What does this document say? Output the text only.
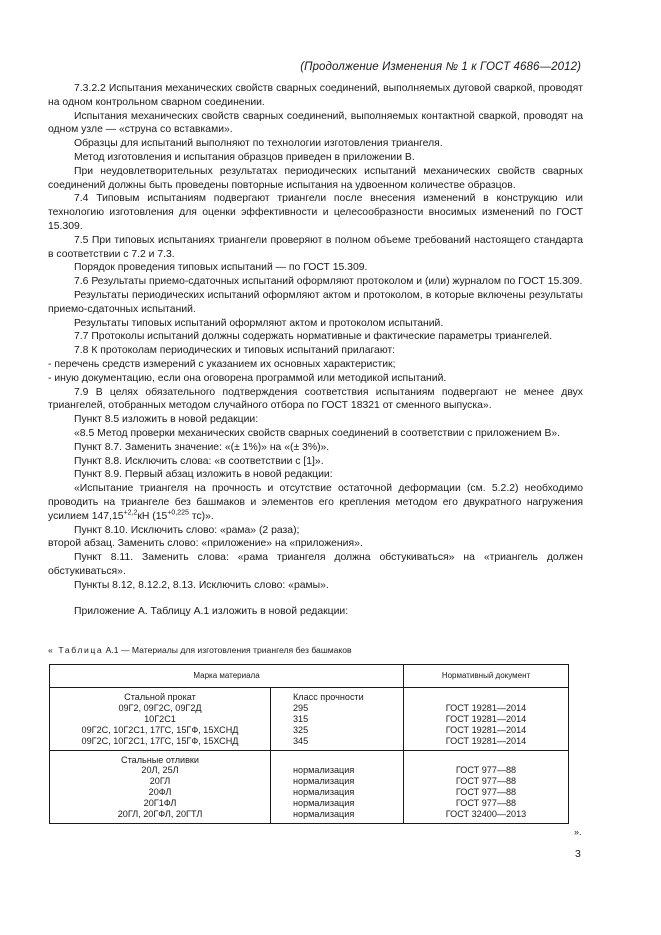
(Продолжение Изменения № 1 к ГОСТ 4686—2012)

7.3.2.2 Испытания механических свойств сварных соединений, выполняемых дуговой сваркой, проводят на одном контрольном сварном соединении.

Испытания механических свойств сварных соединений, выполняемых контактной сваркой, проводят на одном узле — «струна со вставками».

Образцы для испытаний выполняют по технологии изготовления триангеля.

Метод изготовления и испытания образцов приведен в приложении В.

При неудовлетворительных результатах периодических испытаний механических свойств сварных соединений должны быть проведены повторные испытания на удвоенном количестве образцов.

7.4 Типовым испытаниям подвергают триангели после внесения изменений в конструкцию или технологию изготовления для оценки эффективности и целесообразности вносимых изменений по ГОСТ 15.309.

7.5 При типовых испытаниях триангели проверяют в полном объеме требований настоящего стандарта в соответствии с 7.2 и 7.3.

Порядок проведения типовых испытаний — по ГОСТ 15.309.

7.6 Результаты приемо-сдаточных испытаний оформляют протоколом и (или) журналом по ГОСТ 15.309.

Результаты периодических испытаний оформляют актом и протоколом, в которые включены результаты приемо-сдаточных испытаний.

Результаты типовых испытаний оформляют актом и протоколом испытаний.

7.7 Протоколы испытаний должны содержать нормативные и фактические параметры триангелей.

7.8 К протоколам периодических и типовых испытаний прилагают:

- перечень средств измерений с указанием их основных характеристик;

- иную документацию, если она оговорена программой или методикой испытаний.

7.9 В целях обязательного подтверждения соответствия испытаниям подвергают не менее двух триангелей, отобранных методом случайного отбора по ГОСТ 18321 от сменного выпуска».

Пункт 8.5 изложить в новой редакции:

«8.5 Метод проверки механических свойств сварных соединений в соответствии с приложением В».

Пункт 8.7. Заменить значение: «(± 1%)» на «(± 3%)».

Пункт 8.8. Исключить слова: «в соответствии с [1]».

Пункт 8.9. Первый абзац изложить в новой редакции:

«Испытание триангеля на прочность и отсутствие остаточной деформации (см. 5.2.2) необходимо проводить на триангеле без башмаков и элементов его крепления методом его двукратного нагружения усилием $147,15^{+2,2}кН$ ($15^{+0,225}$ тс)».

Пункт 8.10. Исключить слово: «рама» (2 раза);

второй абзац. Заменить слово: «приложение» на «приложения».

Пункт 8.11. Заменить слова: «рама триангеля должна обстукиваться» на «триангель должен обстукиваться».

Пункты 8.12, 8.12.2, 8.13. Исключить слово: «рамы».

Приложение А. Таблицу А.1 изложить в новой редакции:

« Таблица А.1 — Материалы для изготовления триангеля без башмаков
Марка материала		Нормативный документ
Стальной прокат	Класс прочности	
09Г2, 09Г2С, 09Г2Д	295	ГОСТ 19281—2014
10Г2С1	315	ГОСТ 19281—2014
09Г2С, 10Г2С1, 17ГС, 15ГФ, 15ХСНД	325	ГОСТ 19281—2014
09Г2С, 10Г2С1, 17ГС, 15ГФ, 15ХСНД	345	ГОСТ 19281—2014
Стальные отливки		
20Л, 25Л	нормализация	ГОСТ 977—88
20ГЛ	нормализация	ГОСТ 977—88
20ФЛ	нормализация	ГОСТ 977—88
20Г1ФЛ	нормализация	ГОСТ 977—88
20ГЛ, 20ГФЛ, 20ГТЛ	нормализация	ГОСТ 32400—2013
».
3
